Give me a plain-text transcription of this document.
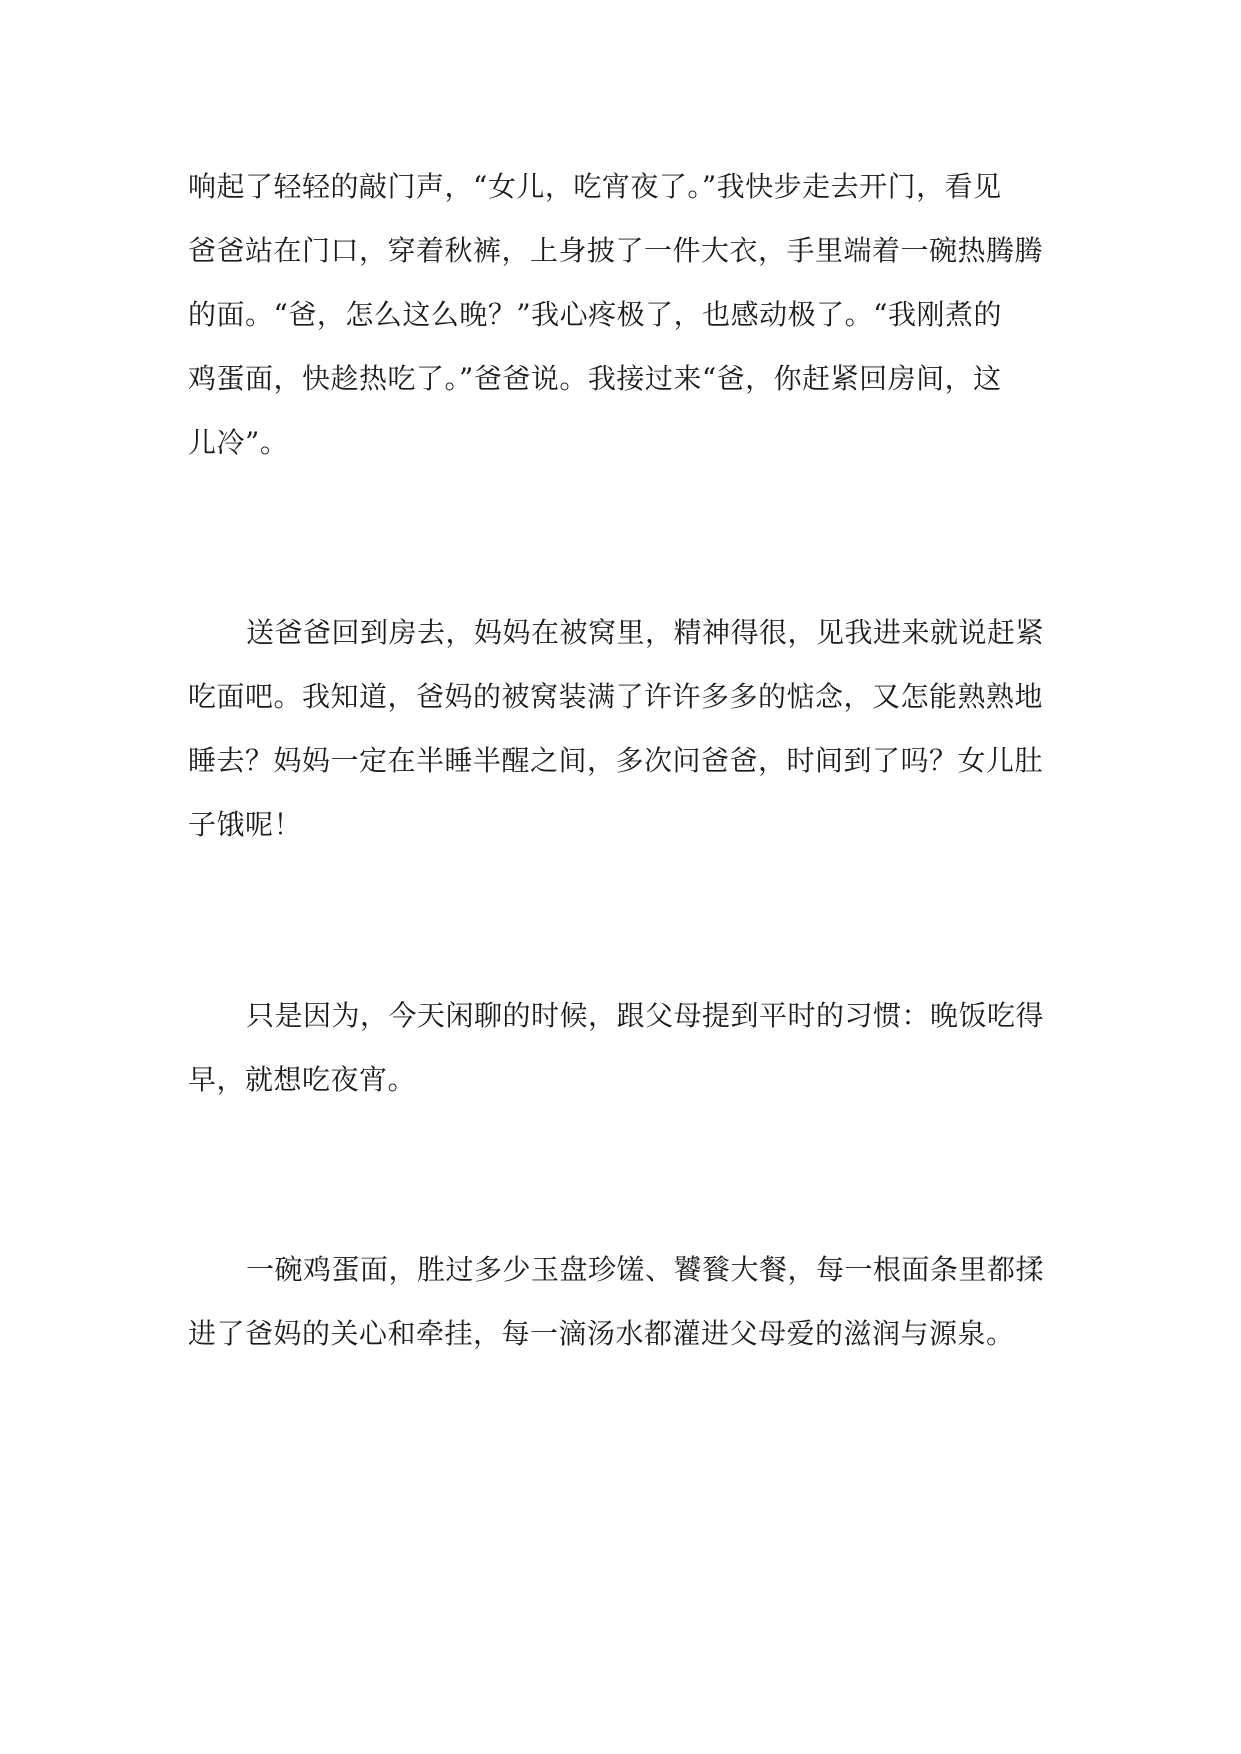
响起了轻轻的敲门声，“女儿，吃宵夜了。”我快步走去开门，看见
爸爸站在门口，穿着秋裤，上身披了一件大衣，手里端着一碗热腾腾
的面。“爸，怎么这么晚？”我心疼极了，也感动极了。“我刚煮的
鸡蛋面，快趁热吃了。”爸爸说。我接过来“爸，你赶紧回房间，这
儿冷”。
送爸爸回到房去，妈妈在被窝里，精神得很，见我进来就说赶紧
吃面吧。我知道，爸妈的被窝装满了许许多多的惦念，又怎能熟熟地
睡去？妈妈一定在半睡半醒之间，多次问爸爸，时间到了吗？女儿肚
子饿呢！
只是因为，今天闲聊的时候，跟父母提到平时的习惯：晚饭吃得
早，就想吃夜宵。
一碗鸡蛋面，胜过多少玉盘珍馐、饕餮大餐，每一根面条里都揉
进了爸妈的关心和牵挂，每一滴汤水都灌进父母爱的滋润与源泉。
